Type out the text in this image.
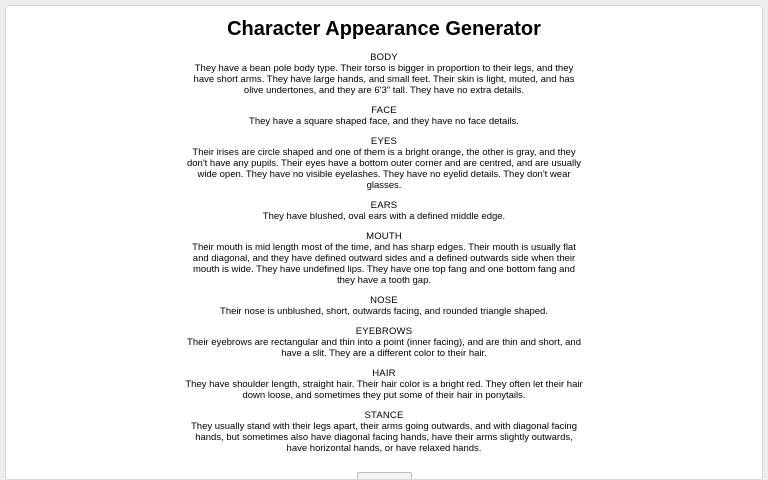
Character Appearance Generator
BODY

They have a bean pole body type. Their torso is bigger in proportion to their legs, and they have short arms. They have large hands, and small feet. Their skin is light, muted, and has olive undertones, and they are 6'3" tall. They have no extra details.

FACE

They have a square shaped face, and they have no face details.

EYES

Their irises are circle shaped and one of them is a bright orange, the other is gray, and they don't have any pupils. Their eyes have a bottom outer corner and are centred, and are usually wide open. They have no visible eyelashes. They have no eyelid details. They don't wear glasses.

EARS

They have blushed, oval ears with a defined middle edge.

MOUTH

Their mouth is mid length most of the time, and has sharp edges. Their mouth is usually flat and diagonal, and they have defined outward sides and a defined outwards side when their mouth is wide. They have undefined lips. They have one top fang and one bottom fang and they have a tooth gap.

NOSE

Their nose is unblushed, short, outwards facing, and rounded triangle shaped.

EYEBROWS

Their eyebrows are rectangular and thin into a point (inner facing), and are thin and short, and have a slit. They are a different color to their hair.

HAIR

They have shoulder length, straight hair. Their hair color is a bright red. They often let their hair down loose, and sometimes they put some of their hair in ponytails.

STANCE

They usually stand with their legs apart, their arms going outwards, and with diagonal facing hands, but sometimes also have diagonal facing hands, have their arms slightly outwards, have horizontal hands, or have relaxed hands.
